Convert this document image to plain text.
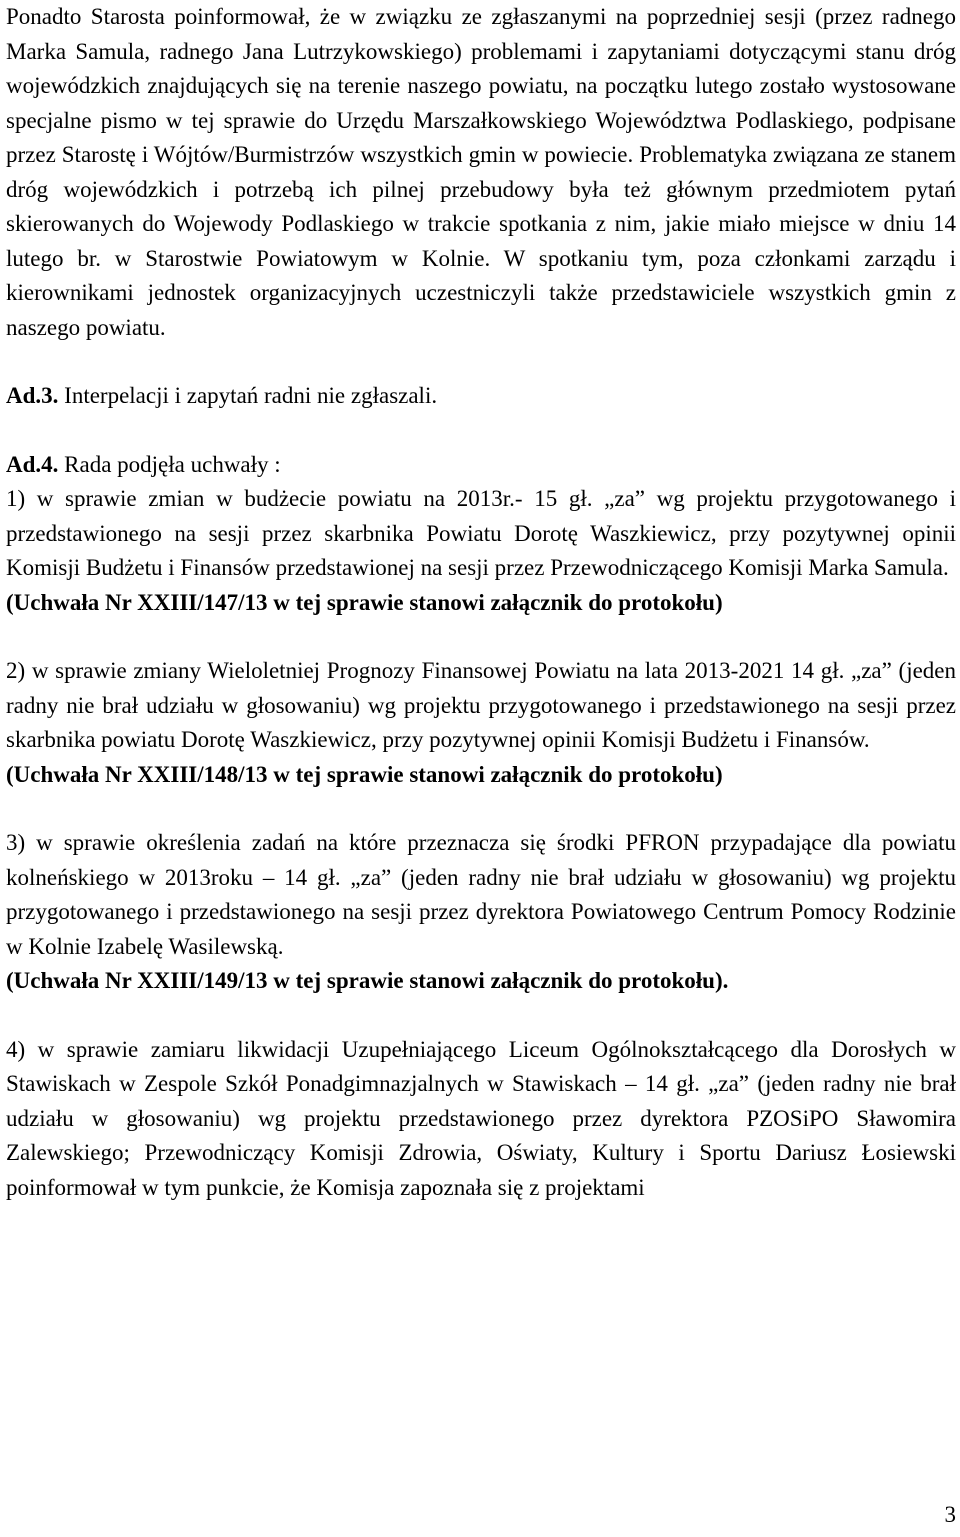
Ponadto Starosta poinformował, że w związku ze zgłaszanymi na poprzedniej sesji (przez radnego Marka Samula, radnego Jana Lutrzykowskiego) problemami i zapytaniami dotyczącymi stanu dróg wojewódzkich znajdujących się na terenie naszego powiatu, na początku lutego zostało wystosowane specjalne pismo w tej sprawie do Urzędu Marszałkowskiego Województwa Podlaskiego, podpisane przez Starostę i Wójtów/Burmistrzów wszystkich gmin w powiecie. Problematyka związana ze stanem dróg wojewódzkich i potrzebą ich pilnej przebudowy była też głównym przedmiotem pytań skierowanych do Wojewody Podlaskiego w trakcie spotkania z nim, jakie miało miejsce w dniu 14 lutego br. w Starostwie Powiatowym w Kolnie. W spotkaniu tym, poza członkami zarządu i kierownikami jednostek organizacyjnych uczestniczyli także przedstawiciele wszystkich gmin z naszego powiatu.

Ad.3. Interpelacji i zapytań radni nie zgłaszali.

Ad.4. Rada podjęła uchwały :

1) w sprawie zmian w budżecie powiatu na 2013r.- 15 gł. „za” wg projektu przygotowanego i przedstawionego na sesji przez skarbnika Powiatu Dorotę Waszkiewicz, przy pozytywnej opinii Komisji Budżetu i Finansów przedstawionej na sesji przez Przewodniczącego Komisji Marka Samula.

(Uchwała Nr XXIII/147/13 w tej sprawie stanowi załącznik do protokołu)

2) w sprawie zmiany Wieloletniej Prognozy Finansowej Powiatu na lata 2013-2021 14 gł. „za” (jeden radny nie brał udziału w głosowaniu) wg projektu przygotowanego i przedstawionego na sesji przez skarbnika powiatu Dorotę Waszkiewicz, przy pozytywnej opinii Komisji Budżetu i Finansów.

(Uchwała Nr XXIII/148/13 w tej sprawie stanowi załącznik do protokołu)

3) w sprawie określenia zadań na które przeznacza się środki PFRON przypadające dla powiatu kolneńskiego w 2013roku – 14 gł. „za” (jeden radny nie brał udziału w głosowaniu) wg projektu przygotowanego i przedstawionego na sesji przez dyrektora Powiatowego Centrum Pomocy Rodzinie w Kolnie Izabelę Wasilewską.

(Uchwała Nr XXIII/149/13 w tej sprawie stanowi załącznik do protokołu).

4) w sprawie zamiaru likwidacji Uzupełniającego Liceum Ogólnokształcącego dla Dorosłych w Stawiskach w Zespole Szkół Ponadgimnazjalnych w Stawiskach – 14 gł. „za” (jeden radny nie brał udziału w głosowaniu) wg projektu przedstawionego przez dyrektora PZOSiPO Sławomira Zalewskiego; Przewodniczący Komisji Zdrowia, Oświaty, Kultury i Sportu Dariusz Łosiewski poinformował w tym punkcie, że Komisja zapoznała się z projektami

3
